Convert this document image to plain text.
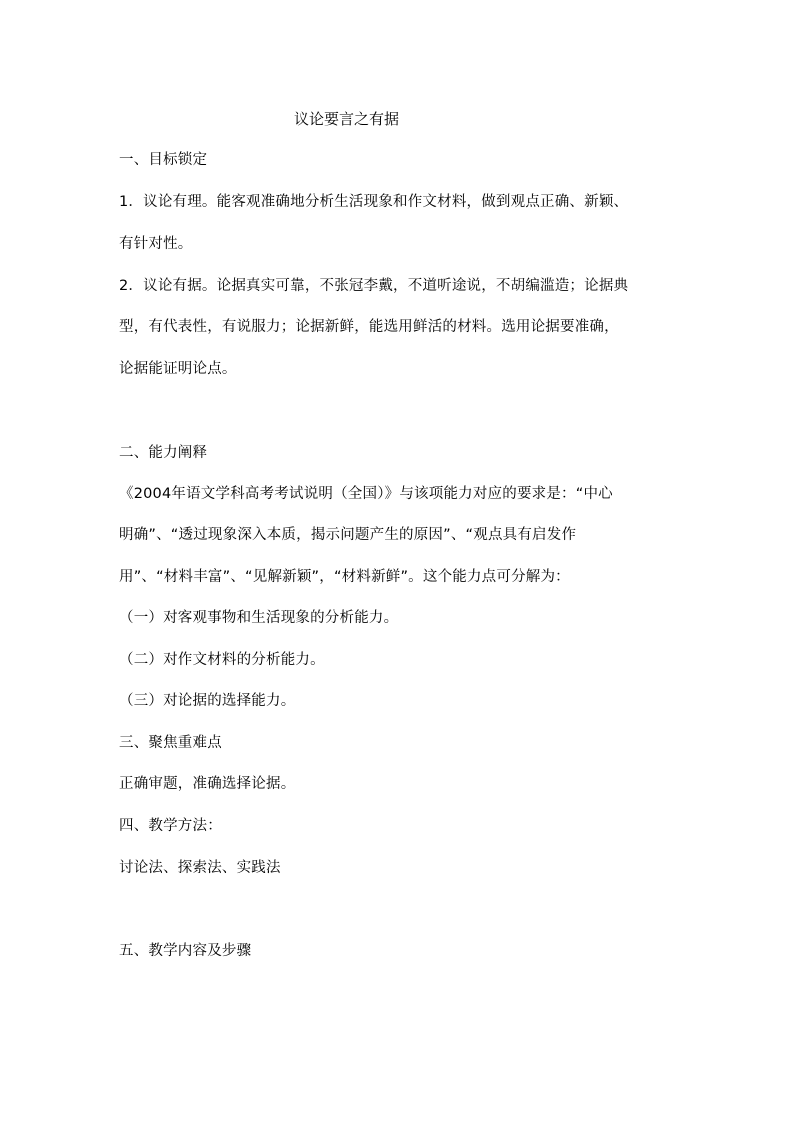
议论要言之有据
一、目标锁定
1．议论有理。能客观准确地分析生活现象和作文材料，做到观点正确、新颖、
有针对性。
2．议论有据。论据真实可靠，不张冠李戴，不道听途说，不胡编滥造；论据典
型，有代表性，有说服力；论据新鲜，能选用鲜活的材料。选用论据要准确，
论据能证明论点。
二、能力阐释
《2004年语文学科高考考试说明（全国）》与该项能力对应的要求是：“中心
明确”、“透过现象深入本质，揭示问题产生的原因”、“观点具有启发作
用”、“材料丰富”、“见解新颖”，“材料新鲜”。这个能力点可分解为：
（一）对客观事物和生活现象的分析能力。
（二）对作文材料的分析能力。
（三）对论据的选择能力。
三、聚焦重难点
正确审题，准确选择论据。
四、教学方法：
讨论法、探索法、实践法
五、教学内容及步骤
